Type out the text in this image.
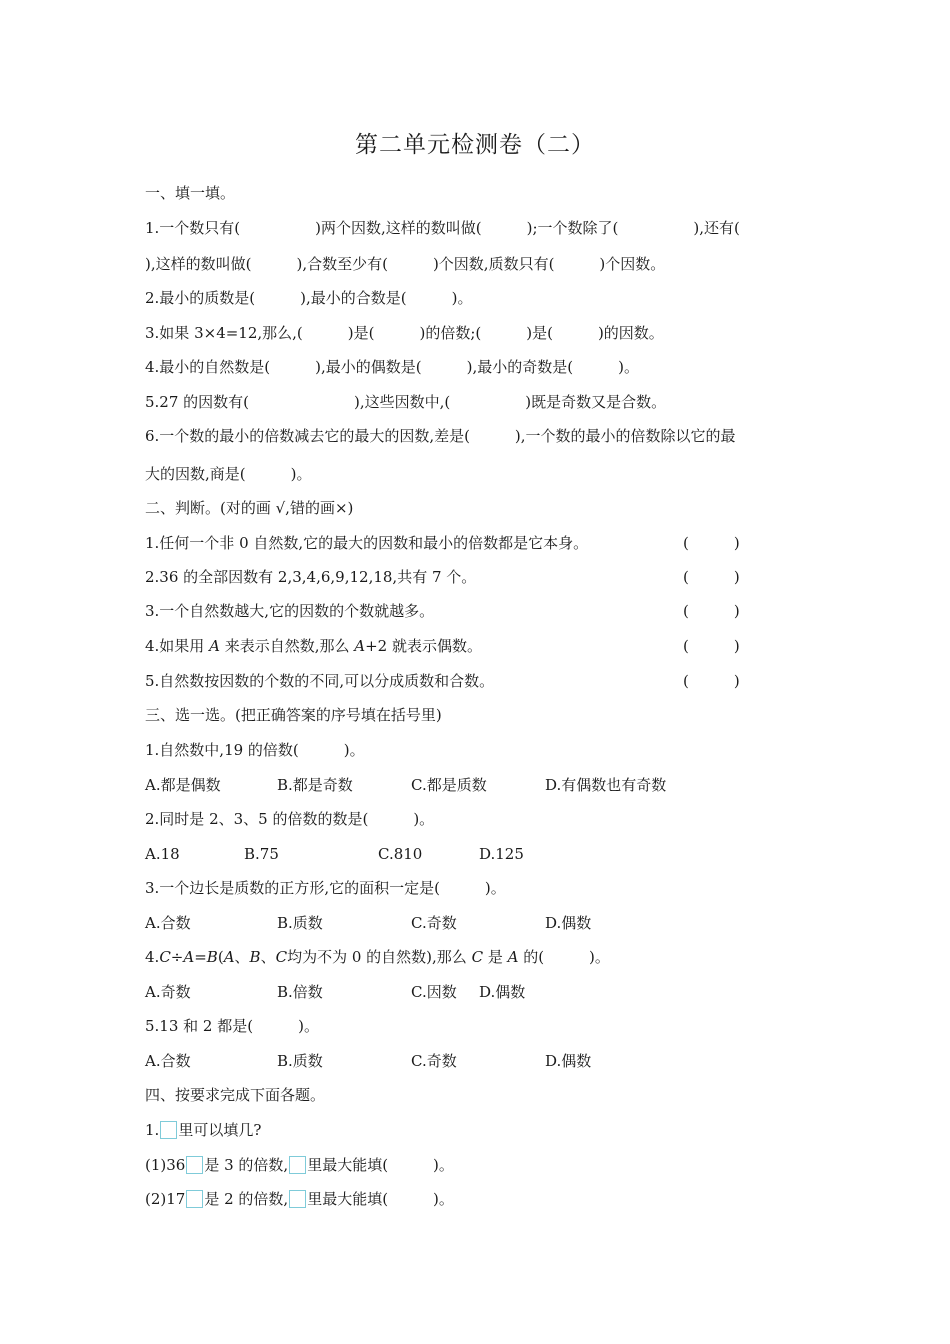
第二单元检测卷（二）
一、填一填。
1.一个数只有(　　　　　)两个因数,这样的数叫做(　　　);一个数除了(　　　　　),还有(
),这样的数叫做(　　　),合数至少有(　　　)个因数,质数只有(　　　)个因数。
2.最小的质数是(　　　),最小的合数是(　　　)。
3.如果 3×4=12,那么,(　　　)是(　　　)的倍数;(　　　)是(　　　)的因数。
4.最小的自然数是(　　　),最小的偶数是(　　　),最小的奇数是(　　　)。
5.27 的因数有(　　　　　　　),这些因数中,(　　　　　)既是奇数又是合数。
6.一个数的最小的倍数减去它的最大的因数,差是(　　　),一个数的最小的倍数除以它的最
大的因数,商是(　　　)。
二、判断。(对的画 √,错的画×)
1.任何一个非 0 自然数,它的最大的因数和最小的倍数都是它本身。	(　　　)
2.36 的全部因数有 2,3,4,6,9,12,18,共有 7 个。	(　　　)
3.一个自然数越大,它的因数的个数就越多。	(　　　)
4.如果用 A 来表示自然数,那么 A+2 就表示偶数。	(　　　)
5.自然数按因数的个数的不同,可以分成质数和合数。	(　　　)
三、选一选。(把正确答案的序号填在括号里)
1.自然数中,19 的倍数(　　　)。
A.都是偶数	B.都是奇数	C.都是质数	D.有偶数也有奇数
2.同时是 2、3、5 的倍数的数是(　　　)。
A.18	B.75	C.810	D.125
3.一个边长是质数的正方形,它的面积一定是(　　　)。
A.合数	B.质数	C.奇数	D.偶数
4.C÷A=B(A、B、C均为不为 0 的自然数),那么 C 是 A 的(　　　)。
A.奇数	B.倍数	C.因数 D.偶数
5.13 和 2 都是(　　　)。
A.合数	B.质数	C.奇数	D.偶数
四、按要求完成下面各题。
1. 里可以填几?
(1)36 是 3 的倍数, 里最大能填(　　　)。
(2)17 是 2 的倍数, 里最大能填(　　　)。
